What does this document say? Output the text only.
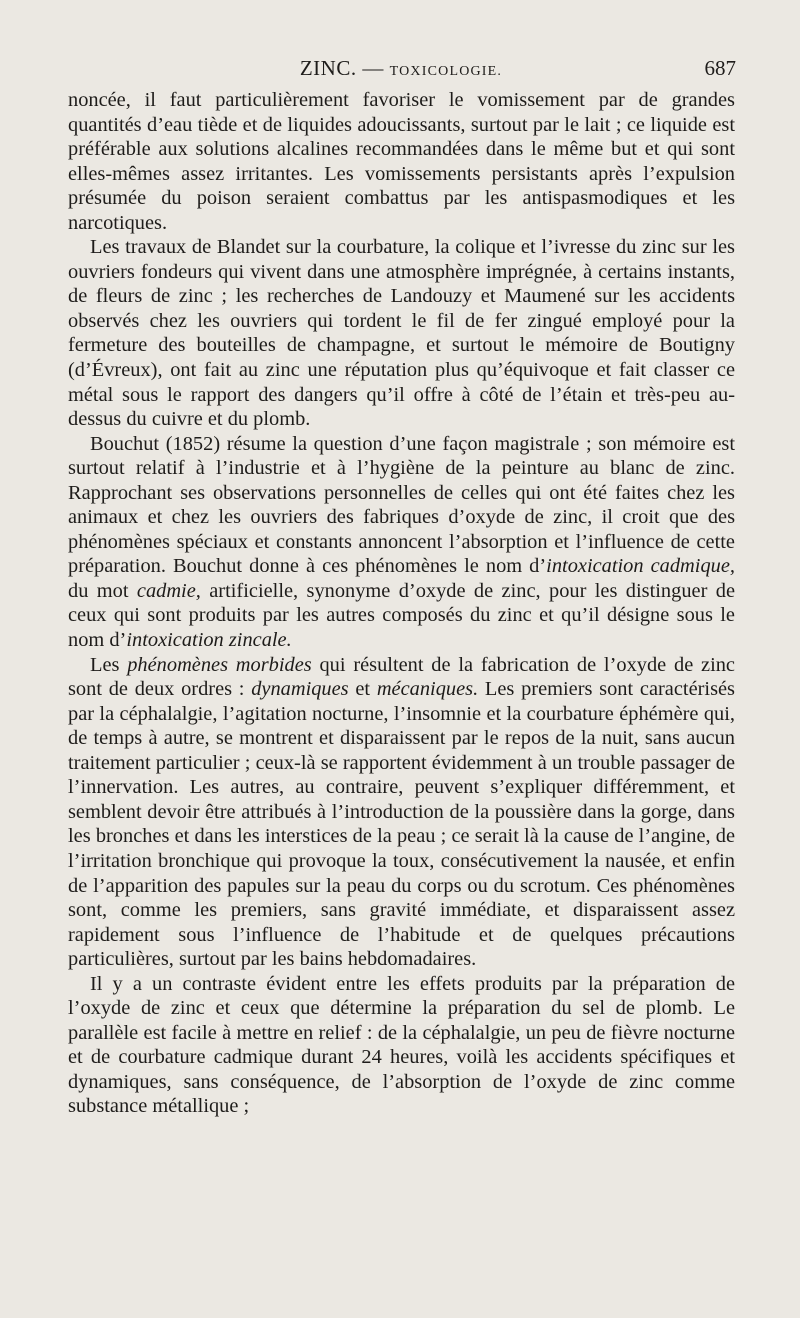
ZINC. — TOXICOLOGIE.	687

noncée, il faut particulièrement favoriser le vomissement par de grandes quantités d’eau tiède et de liquides adoucissants, surtout par le lait ; ce liquide est préférable aux solutions alcalines recommandées dans le même but et qui sont elles-mêmes assez irritantes. Les vomissements persistants après l’expulsion présumée du poison seraient combattus par les antispasmodiques et les narcotiques.

Les travaux de Blandet sur la courbature, la colique et l’ivresse du zinc sur les ouvriers fondeurs qui vivent dans une atmosphère imprégnée, à certains instants, de fleurs de zinc ; les recherches de Landouzy et Maumené sur les accidents observés chez les ouvriers qui tordent le fil de fer zingué employé pour la fermeture des bouteilles de champagne, et surtout le mémoire de Boutigny (d’Évreux), ont fait au zinc une réputation plus qu’équivoque et fait classer ce métal sous le rapport des dangers qu’il offre à côté de l’étain et très-peu au-dessus du cuivre et du plomb.

Bouchut (1852) résume la question d’une façon magistrale ; son mémoire est surtout relatif à l’industrie et à l’hygiène de la peinture au blanc de zinc. Rapprochant ses observations personnelles de celles qui ont été faites chez les animaux et chez les ouvriers des fabriques d’oxyde de zinc, il croit que des phénomènes spéciaux et constants annoncent l’absorption et l’influence de cette préparation. Bouchut donne à ces phénomènes le nom d’intoxication cadmique, du mot cadmie, artificielle, synonyme d’oxyde de zinc, pour les distinguer de ceux qui sont produits par les autres composés du zinc et qu’il désigne sous le nom d’intoxication zincale.

Les phénomènes morbides qui résultent de la fabrication de l’oxyde de zinc sont de deux ordres : dynamiques et mécaniques. Les premiers sont caractérisés par la céphalalgie, l’agitation nocturne, l’insomnie et la courbature éphémère qui, de temps à autre, se montrent et disparaissent par le repos de la nuit, sans aucun traitement particulier ; ceux-là se rapportent évidemment à un trouble passager de l’innervation. Les autres, au contraire, peuvent s’expliquer différemment, et semblent devoir être attribués à l’introduction de la poussière dans la gorge, dans les bronches et dans les interstices de la peau ; ce serait là la cause de l’angine, de l’irritation bronchique qui provoque la toux, consécutivement la nausée, et enfin de l’apparition des papules sur la peau du corps ou du scrotum. Ces phénomènes sont, comme les premiers, sans gravité immédiate, et disparaissent assez rapidement sous l’influence de l’habitude et de quelques précautions particulières, surtout par les bains hebdomadaires.

Il y a un contraste évident entre les effets produits par la préparation de l’oxyde de zinc et ceux que détermine la préparation du sel de plomb. Le parallèle est facile à mettre en relief : de la céphalalgie, un peu de fièvre nocturne et de courbature cadmique durant 24 heures, voilà les accidents spécifiques et dynamiques, sans conséquence, de l’absorption de l’oxyde de zinc comme substance métallique ;
